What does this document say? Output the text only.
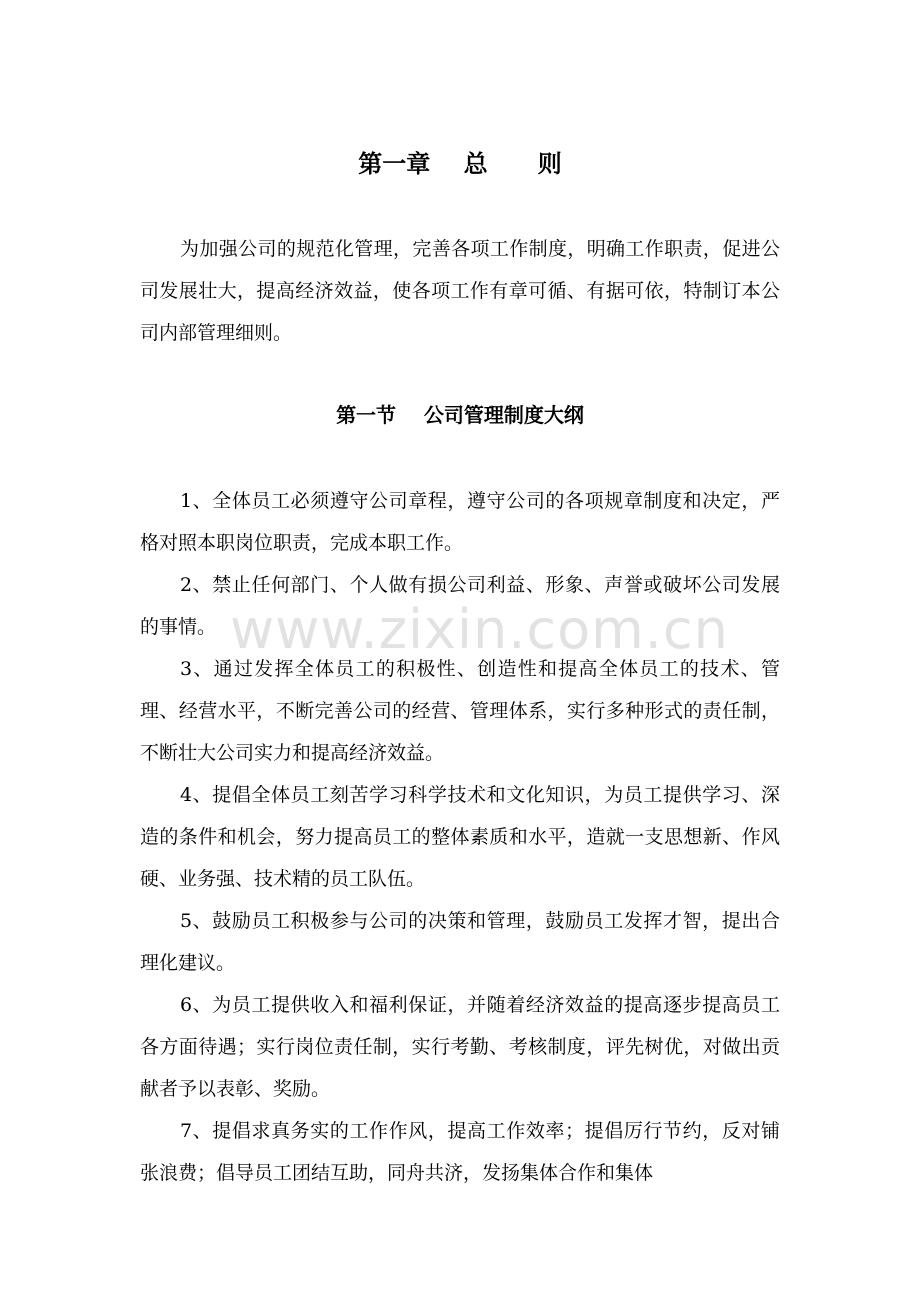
第一章    总      则

为加强公司的规范化管理，完善各项工作制度，明确工作职责，促进公司发展壮大，提高经济效益，使各项工作有章可循、有据可依，特制订本公司内部管理细则。

第一节    公司管理制度大纲

1、全体员工必须遵守公司章程，遵守公司的各项规章制度和决定，严格对照本职岗位职责，完成本职工作。

2、禁止任何部门、个人做有损公司利益、形象、声誉或破坏公司发展的事情。

3、通过发挥全体员工的积极性、创造性和提高全体员工的技术、管理、经营水平，不断完善公司的经营、管理体系，实行多种形式的责任制，不断壮大公司实力和提高经济效益。

4、提倡全体员工刻苦学习科学技术和文化知识，为员工提供学习、深造的条件和机会，努力提高员工的整体素质和水平，造就一支思想新、作风硬、业务强、技术精的员工队伍。

5、鼓励员工积极参与公司的决策和管理，鼓励员工发挥才智，提出合理化建议。

6、为员工提供收入和福利保证，并随着经济效益的提高逐步提高员工各方面待遇；实行岗位责任制，实行考勤、考核制度，评先树优，对做出贡献者予以表彰、奖励。

7、提倡求真务实的工作作风，提高工作效率；提倡厉行节约，反对铺张浪费；倡导员工团结互助，同舟共济，发扬集体合作和集体

www.zixin.com.cn
